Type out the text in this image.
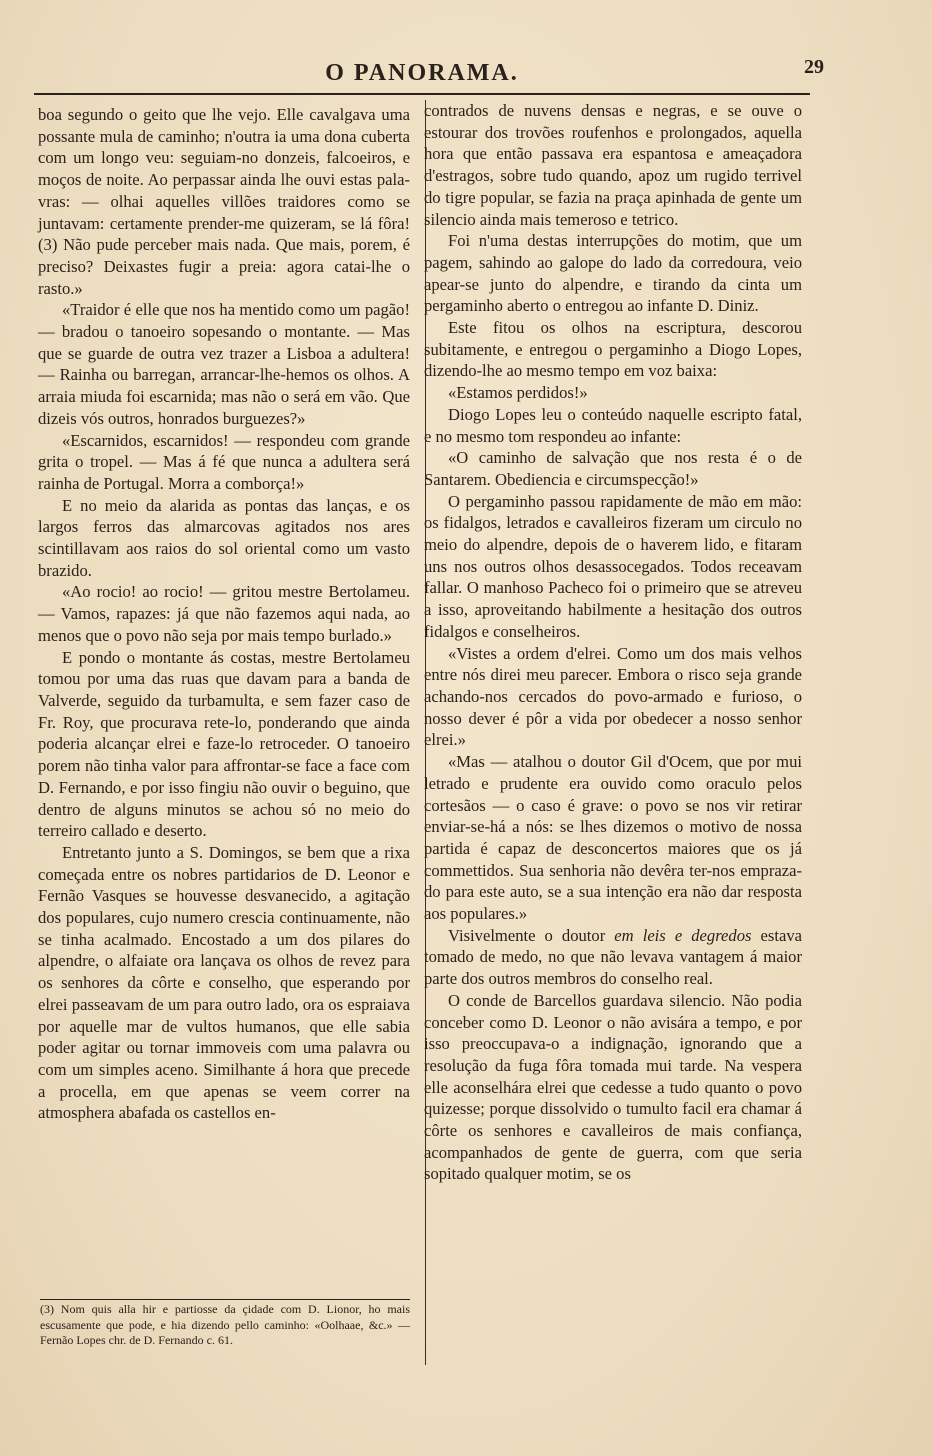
O PANORAMA.	29

boa segundo o geito que lhe vejo. Elle cavalgava uma possante mula de caminho; n'outra ia uma dona cuberta com um longo veu: seguiam-no donzeis, falcoeiros, e moços de noite. Ao perpassar ainda lhe ouvi estas palavras: — olhai aquelles villões traidores como se juntavam: certamente prender-me quizeram, se lá fôra! (3) Não pude perceber mais nada. Que mais, porem, é preciso? Deixastes fugir a preia: agora catai-lhe o rasto.»

«Traidor é elle que nos ha mentido como um pagão! — bradou o tanoeiro sopesando o montante. — Mas que se guarde de outra vez trazer a Lisboa a adultera! — Rainha ou barregan, arrancar-lhe-hemos os olhos. A arraia miuda foi escarnida; mas não o será em vão. Que dizeis vós outros, honrados burguezes?»

«Escarnidos, escarnidos! — respondeu com grande grita o tropel. — Mas á fé que nunca a adultera será rainha de Portugal. Morra a comborça!»

E no meio da alarida as pontas das lanças, e os largos ferros das almarcovas agitados nos ares scintillavam aos raios do sol oriental como um vasto brazido.

«Ao rocio! ao rocio! — gritou mestre Bertolameu. — Vamos, rapazes: já que não fazemos aqui nada, ao menos que o povo não seja por mais tempo burlado.»

E pondo o montante ás costas, mestre Bertolameu tomou por uma das ruas que davam para a banda de Valverde, seguido da turbamulta, e sem fazer caso de Fr. Roy, que procurava rete-lo, ponderando que ainda poderia alcançar elrei e faze-lo retroceder. O tanoeiro porem não tinha valor para affrontar-se face a face com D. Fernando, e por isso fingiu não ouvir o beguino, que dentro de alguns minutos se achou só no meio do terreiro callado e deserto.

Entretanto junto a S. Domingos, se bem que a rixa começada entre os nobres partidarios de D. Leonor e Fernão Vasques se houvesse desvanecido, a agitação dos populares, cujo numero crescia continuamente, não se tinha acalmado. Encostado a um dos pilares do alpendre, o alfaiate ora lançava os olhos de revez para os senhores da côrte e conselho, que esperando por elrei passeavam de um para outro lado, ora os espraiava por aquelle mar de vultos humanos, que elle sabia poder agitar ou tornar immoveis com uma palavra ou com um simples aceno. Similhante á hora que precede a procella, em que apenas se veem correr na atmosphera abafada os castellos en-

contrados de nuvens densas e negras, e se ouve o estourar dos trovões roufenhos e prolongados, aquella hora que então passava era espantosa e ameaçadora d'estragos, sobre tudo quando, apoz um rugido terrivel do tigre popular, se fazia na praça apinhada de gente um silencio ainda mais temeroso e tetrico.

Foi n'uma destas interrupções do motim, que um pagem, sahindo ao galope do lado da corredoura, veio apear-se junto do alpendre, e tirando da cinta um pergaminho aberto o entregou ao infante D. Diniz.

Este fitou os olhos na escriptura, descorou subitamente, e entregou o pergaminho a Diogo Lopes, dizendo-lhe ao mesmo tempo em voz baixa:

«Estamos perdidos!»

Diogo Lopes leu o conteúdo naquelle escripto fatal, e no mesmo tom respondeu ao infante:

«O caminho de salvação que nos resta é o de Santarem. Obediencia e circumspecção!»

O pergaminho passou rapidamente de mão em mão: os fidalgos, letrados e cavalleiros fizeram um circulo no meio do alpendre, depois de o haverem lido, e fitaram uns nos outros olhos desassocegados. Todos receavam fallar. O manhoso Pacheco foi o primeiro que se atreveu a isso, aproveitando habilmente a hesitação dos outros fidalgos e conselheiros.

«Vistes a ordem d'elrei. Como um dos mais velhos entre nós direi meu parecer. Embora o risco seja grande achando-nos cercados do povo-armado e furioso, o nosso dever é pôr a vida por obedecer a nosso senhor elrei.»

«Mas — atalhou o doutor Gil d'Ocem, que por mui letrado e prudente era ouvido como oraculo pelos cortesãos — o caso é grave: o povo se nos vir retirar enviar-se-há a nós: se lhes dizemos o motivo de nossa partida é capaz de desconcertos maiores que os já commettidos. Sua senhoria não devêra ter-nos emprazado para este auto, se a sua intenção era não dar resposta aos populares.»

Visivelmente o doutor em leis e degredos estava tomado de medo, no que não levava vantagem á maior parte dos outros membros do conselho real.

O conde de Barcellos guardava silencio. Não podia conceber como D. Leonor o não avisára a tempo, e por isso preoccupava-o a indignação, ignorando que a resolução da fuga fôra tomada mui tarde. Na vespera elle aconselhára elrei que cedesse a tudo quanto o povo quizesse; porque dissolvido o tumulto facil era chamar á côrte os senhores e cavalleiros de mais confiança, acompanhados de gente de guerra, com que seria sopitado qualquer motim, se os

(3) Nom quis alla hir e partiosse da çidade com D. Lionor, ho mais escusamente que pode, e hia dizendo pello caminho: «Oolhaae, &c.» — Fernão Lopes chr. de D. Fernando c. 61.
